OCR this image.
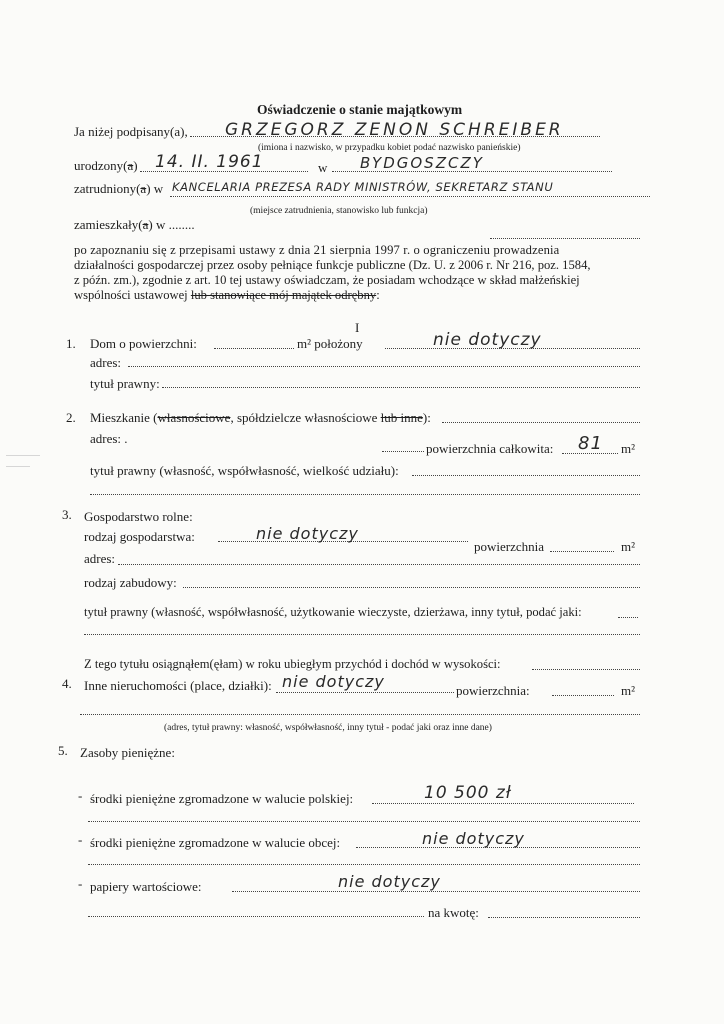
Oświadczenie o stanie majątkowym
Ja niżej podpisany(a), GRZEGORZ ZENON SCHREIBER
(imiona i nazwisko, w przypadku kobiet podać nazwisko panieńskie)
urodzony(a) 14. II. 1961	w BYDGOSZCZY
zatrudniony(a) w KANCELARIA PREZESA RADY MINISTRÓW, SEKRETARZ STANU
(miejsce zatrudnienia, stanowisko lub funkcja)
zamieszkały(a) w ........
po zapoznaniu się z przepisami ustawy z dnia 21 sierpnia 1997 r. o ograniczeniu prowadzenia
działalności gospodarczej przez osoby pełniące funkcje publiczne (Dz. U. z 2006 r. Nr 216, poz. 1584,
z późn. zm.), zgodnie z art. 10 tej ustawy oświadczam, że posiadam wchodzące w skład małżeńskiej
wspólności ustawowej lub stanowiące mój majątek odrębny:
I
1. Dom o powierzchni:	m² położony	nie dotyczy
adres:
tytuł prawny:
2. Mieszkanie (własnościowe, spółdzielcze własnościowe lub inne):
adres: .
powierzchnia całkowita: 81 m²
tytuł prawny (własność, współwłasność, wielkość udziału):
3. Gospodarstwo rolne:
rodzaj gospodarstwa:	nie dotyczy
powierzchnia	m²
adres:
rodzaj zabudowy:
tytuł prawny (własność, współwłasność, użytkowanie wieczyste, dzierżawa, inny tytuł, podać jaki:
Z tego tytułu osiągnąłem(ęłam) w roku ubiegłym przychód i dochód w wysokości:
4. Inne nieruchomości (place, działki): nie dotyczy	powierzchnia:	m²
(adres, tytuł prawny: własność, współwłasność, inny tytuł - podać jaki oraz inne dane)
5. Zasoby pieniężne:
- środki pieniężne zgromadzone w walucie polskiej:	10 500 zł
- środki pieniężne zgromadzone w walucie obcej:	nie dotyczy
- papiery wartościowe:	nie dotyczy
na kwotę:
